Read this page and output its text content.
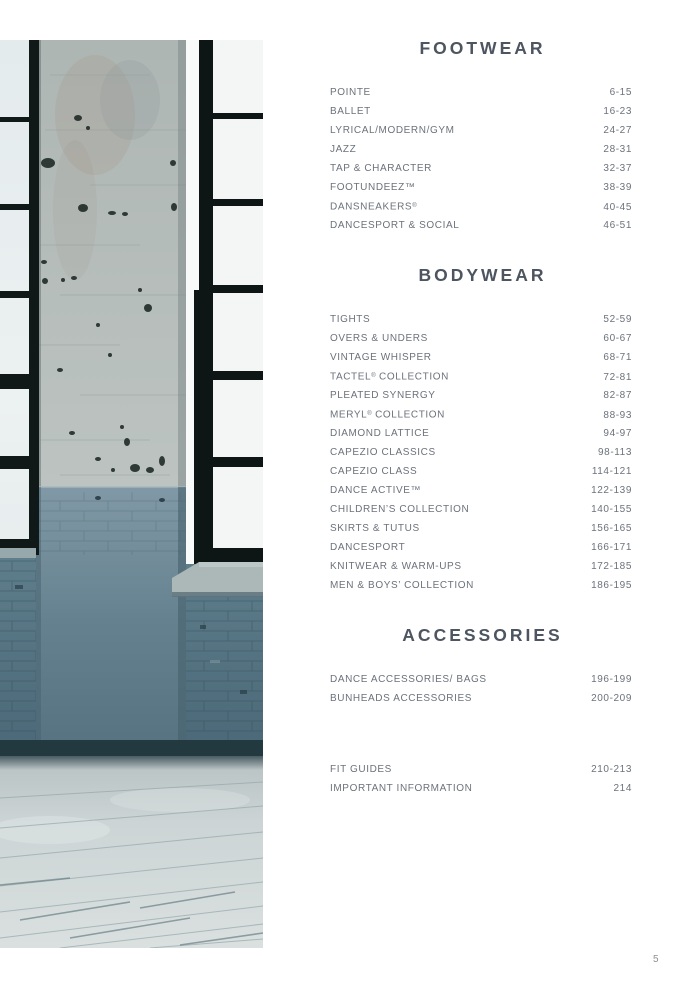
FOOTWEAR
POINTE	6-15
BALLET	16-23
LYRICAL/MODERN/GYM	24-27
JAZZ	28-31
TAP & CHARACTER	32-37
FOOTUNDEEZ™	38-39
DANSNEAKERS®	40-45
DANCESPORT & SOCIAL	46-51
BODYWEAR
TIGHTS	52-59
OVERS & UNDERS	60-67
VINTAGE WHISPER	68-71
TACTEL® COLLECTION	72-81
PLEATED SYNERGY	82-87
MERYL® COLLECTION	88-93
DIAMOND LATTICE	94-97
CAPEZIO CLASSICS	98-113
CAPEZIO CLASS	114-121
DANCE ACTIVE™	122-139
CHILDREN’S COLLECTION	140-155
SKIRTS & TUTUS	156-165
DANCESPORT	166-171
KNITWEAR & WARM-UPS	172-185
MEN & BOYS’ COLLECTION	186-195
ACCESSORIES
DANCE ACCESSORIES/ BAGS	196-199
BUNHEADS ACCESSORIES	200-209
FIT GUIDES	210-213
IMPORTANT INFORMATION	214
5
